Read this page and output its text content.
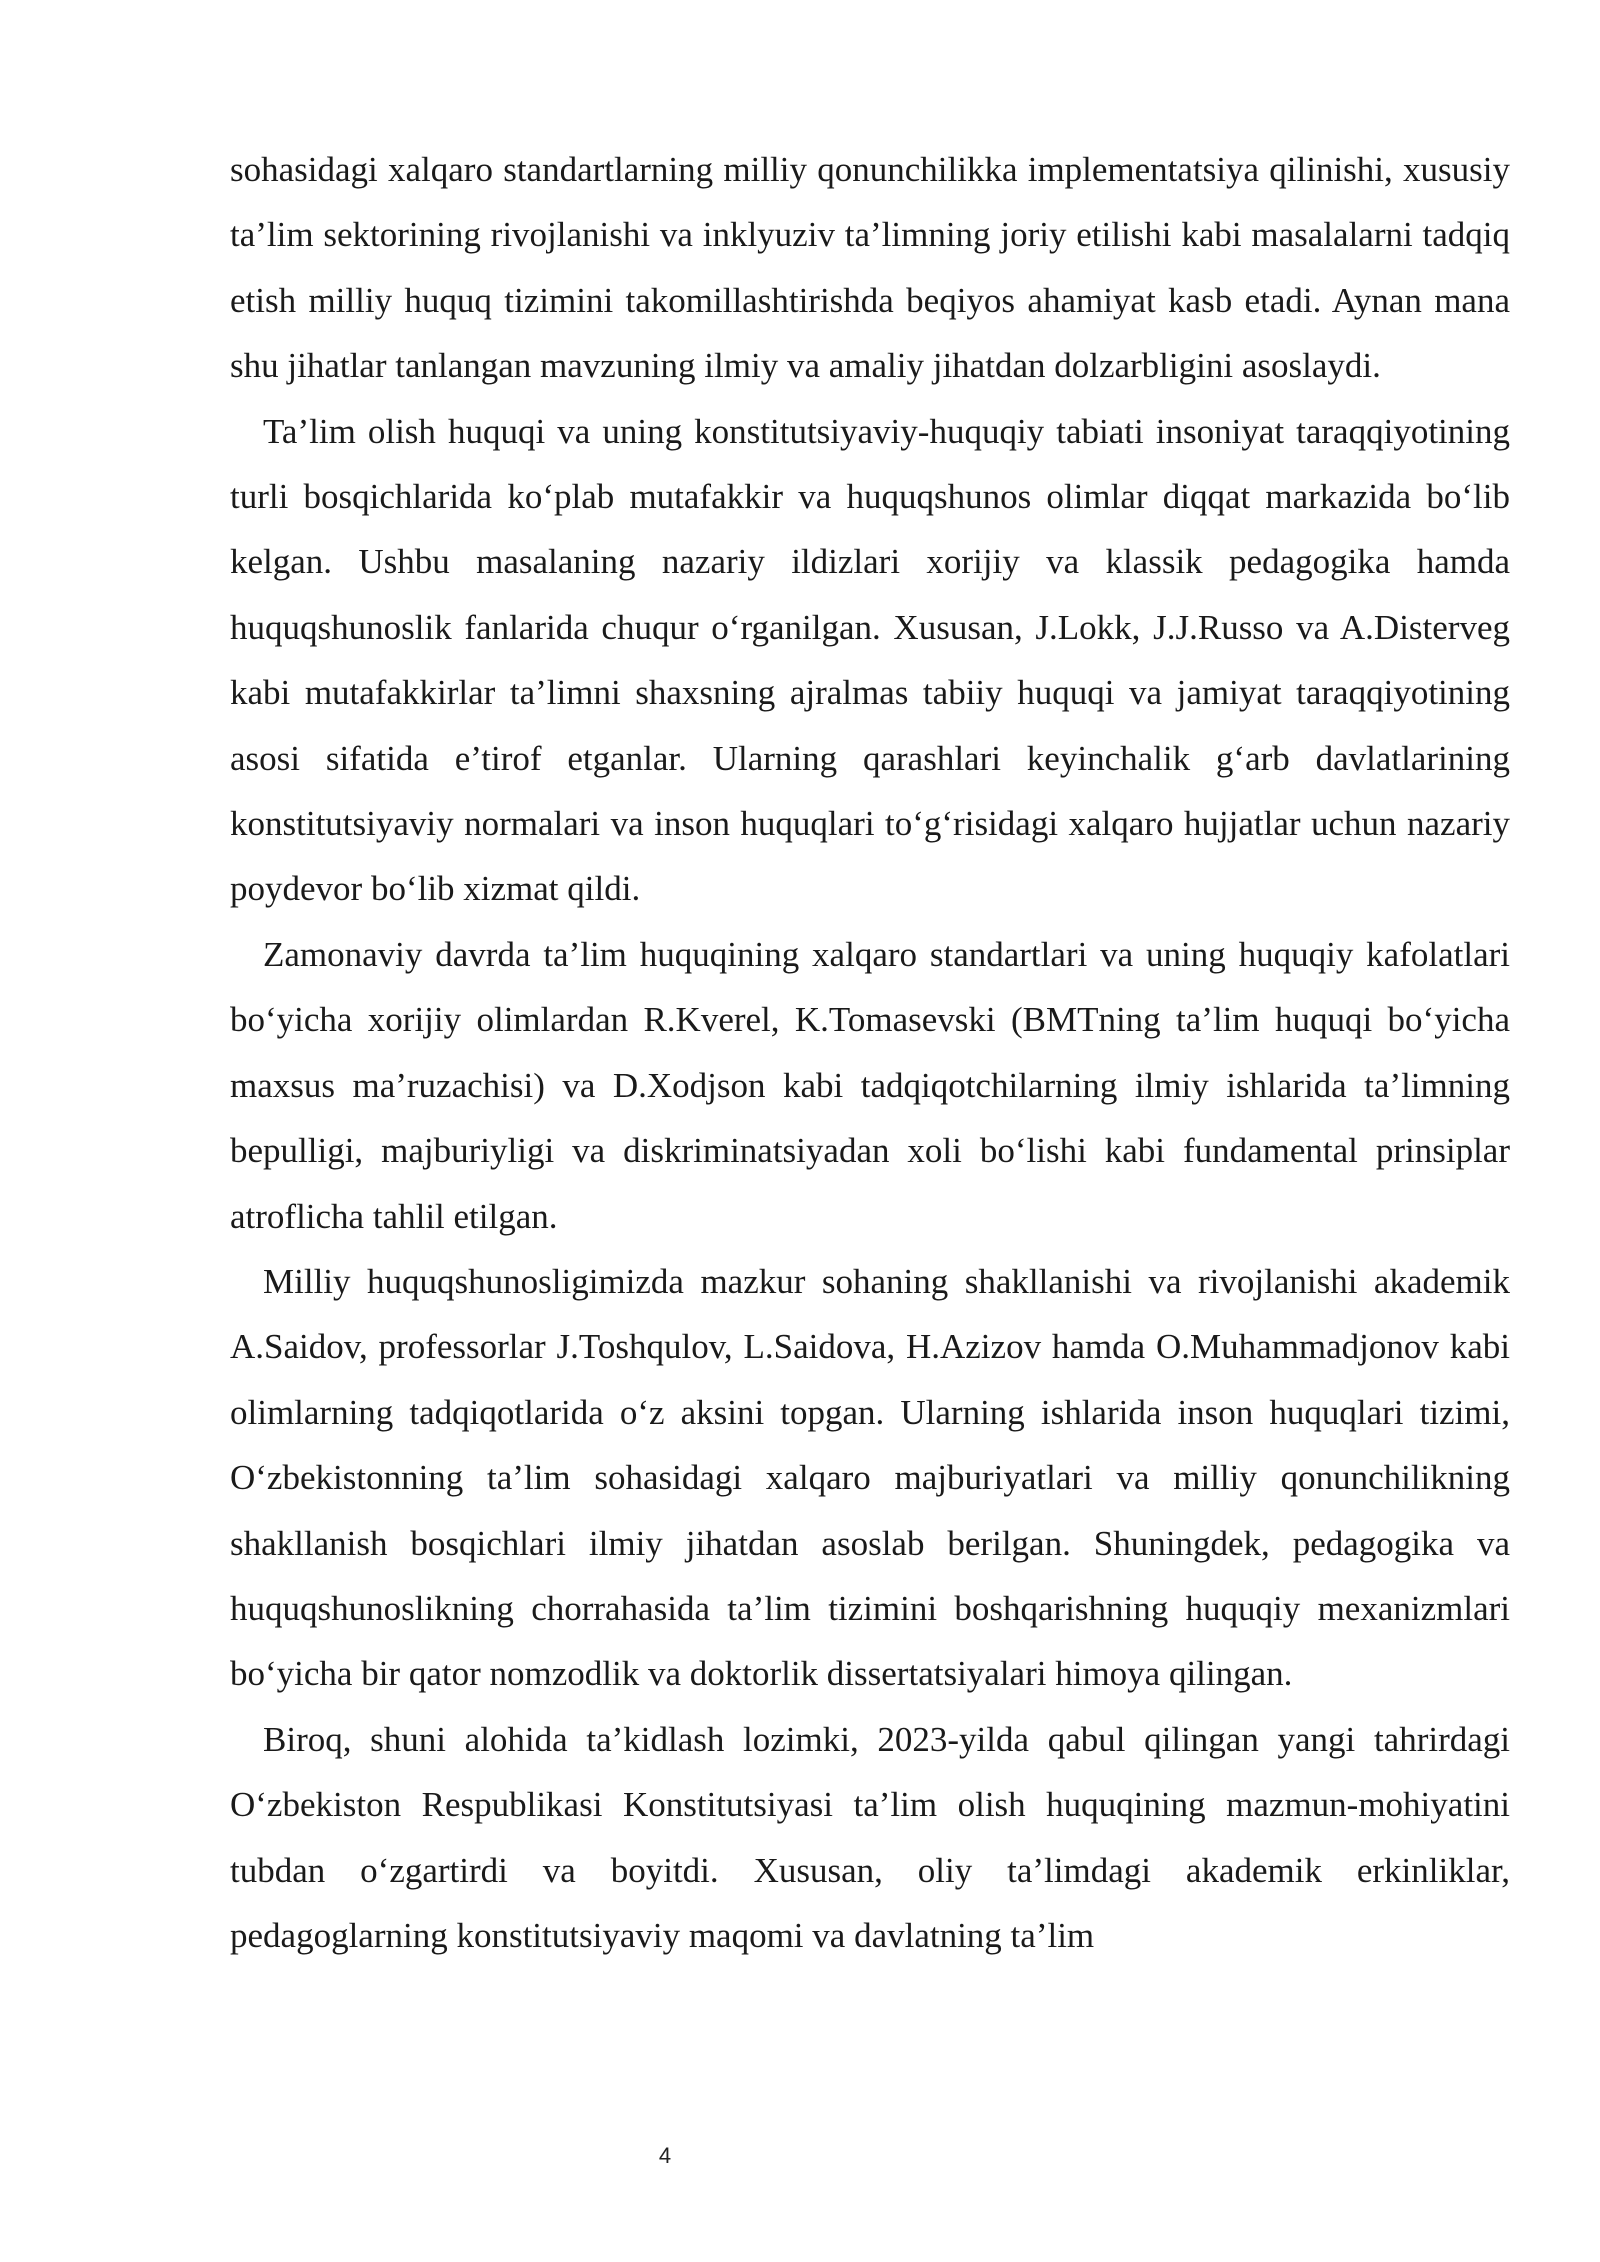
sohasidagi xalqaro standartlarning milliy qonunchilikka implementatsiya qilinishi, xususiy ta’lim sektorining rivojlanishi va inklyuziv ta’limning joriy etilishi kabi masalalarni tadqiq etish milliy huquq tizimini takomillashtirishda beqiyos ahamiyat kasb etadi. Aynan mana shu jihatlar tanlangan mavzuning ilmiy va amaliy jihatdan dolzarbligini asoslaydi.

Ta’lim olish huquqi va uning konstitutsiyaviy-huquqiy tabiati insoniyat taraqqiyotining turli bosqichlarida ko‘plab mutafakkir va huquqshunos olimlar diqqat markazida bo‘lib kelgan. Ushbu masalaning nazariy ildizlari xorijiy va klassik pedagogika hamda huquqshunoslik fanlarida chuqur o‘rganilgan. Xususan, J.Lokk, J.J.Russo va A.Disterveg kabi mutafakkirlar ta’limni shaxsning ajralmas tabiiy huquqi va jamiyat taraqqiyotining asosi sifatida e’tirof etganlar. Ularning qarashlari keyinchalik g‘arb davlatlarining konstitutsiyaviy normalari va inson huquqlari to‘g‘risidagi xalqaro hujjatlar uchun nazariy poydevor bo‘lib xizmat qildi.

Zamonaviy davrda ta’lim huquqining xalqaro standartlari va uning huquqiy kafolatlari bo‘yicha xorijiy olimlardan R.Kverel, K.Tomasevski (BMTning ta’lim huquqi bo‘yicha maxsus ma’ruzachisi) va D.Xodjson kabi tadqiqotchilarning ilmiy ishlarida ta’limning bepulligi, majburiyligi va diskriminatsiyadan xoli bo‘lishi kabi fundamental prinsiplar atroflicha tahlil etilgan.

Milliy huquqshunosligimizda mazkur sohaning shakllanishi va rivojlanishi akademik A.Saidov, professorlar J.Toshqulov, L.Saidova, H.Azizov hamda O.Muhammadjonov kabi olimlarning tadqiqotlarida o‘z aksini topgan. Ularning ishlarida inson huquqlari tizimi, O‘zbekistonning ta’lim sohasidagi xalqaro majburiyatlari va milliy qonunchilikning shakllanish bosqichlari ilmiy jihatdan asoslab berilgan. Shuningdek, pedagogika va huquqshunoslikning chorrahasida ta’lim tizimini boshqarishning huquqiy mexanizmlari bo‘yicha bir qator nomzodlik va doktorlik dissertatsiyalari himoya qilingan.

Biroq, shuni alohida ta’kidlash lozimki, 2023-yilda qabul qilingan yangi tahrirdagi O‘zbekiston Respublikasi Konstitutsiyasi ta’lim olish huquqining mazmun-mohiyatini tubdan o‘zgartirdi va boyitdi. Xususan, oliy ta’limdagi akademik erkinliklar, pedagoglarning konstitutsiyaviy maqomi va davlatning ta’lim

4
